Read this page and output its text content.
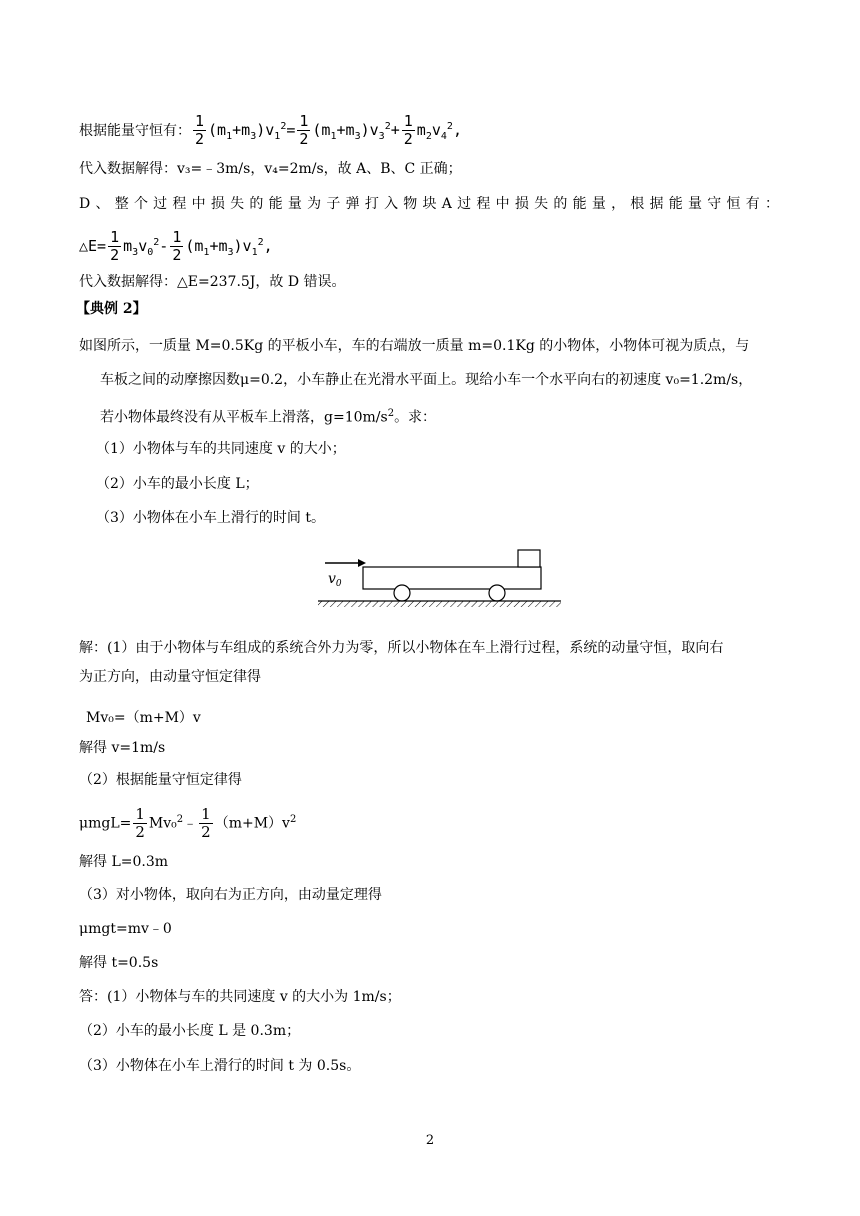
根据能量守恒有： $\frac{1}{2} (m_1+m_3)v_1^2= \frac{1}{2} (m_1+m_3)v_3^2+ \frac{1}{2} m_2v_4^2$,
代入数据解得：v₃=﹣3m/s，v₄=2m/s，故 A、B、C 正确；
D、整个过程中损失的能量为子弹打入物块A过程中损失的能量，根据能量守恒有：
△E= $\frac{1}{2} m_3v_0^2- \frac{1}{2} (m_1+m_3)v_1^2$,
代入数据解得：△E=237.5J，故 D 错误。
【典例 2】
如图所示，一质量 M=0.5Kg 的平板小车，车的右端放一质量 m=0.1Kg 的小物体，小物体可视为质点，与
车板之间的动摩擦因数μ=0.2，小车静止在光滑水平面上。现给小车一个水平向右的初速度 v₀=1.2m/s，
若小物体最终没有从平板车上滑落，$g=10m/s^2$。求：
（1）小物体与车的共同速度 v 的大小；
（2）小车的最小长度 L；
（3）小物体在小车上滑行的时间 t。
$v_0$
解：(1）由于小物体与车组成的系统合外力为零，所以小物体在车上滑行过程，系统的动量守恒，取向右
为正方向，由动量守恒定律得
Mv₀=（m+M）v
解得 v=1m/s
（2）根据能量守恒定律得
$\mu mgL= \frac{1}{2}$ Mv₀$^2$﹣ $\frac{1}{2} (m+M)v^2$
解得 L=0.3m
（3）对小物体，取向右为正方向，由动量定理得
μmgt=mv﹣0
解得 t=0.5s
答：(1）小物体与车的共同速度 v 的大小为 1m/s；
（2）小车的最小长度 L 是 0.3m；
（3）小物体在小车上滑行的时间 t 为 0.5s。
2
